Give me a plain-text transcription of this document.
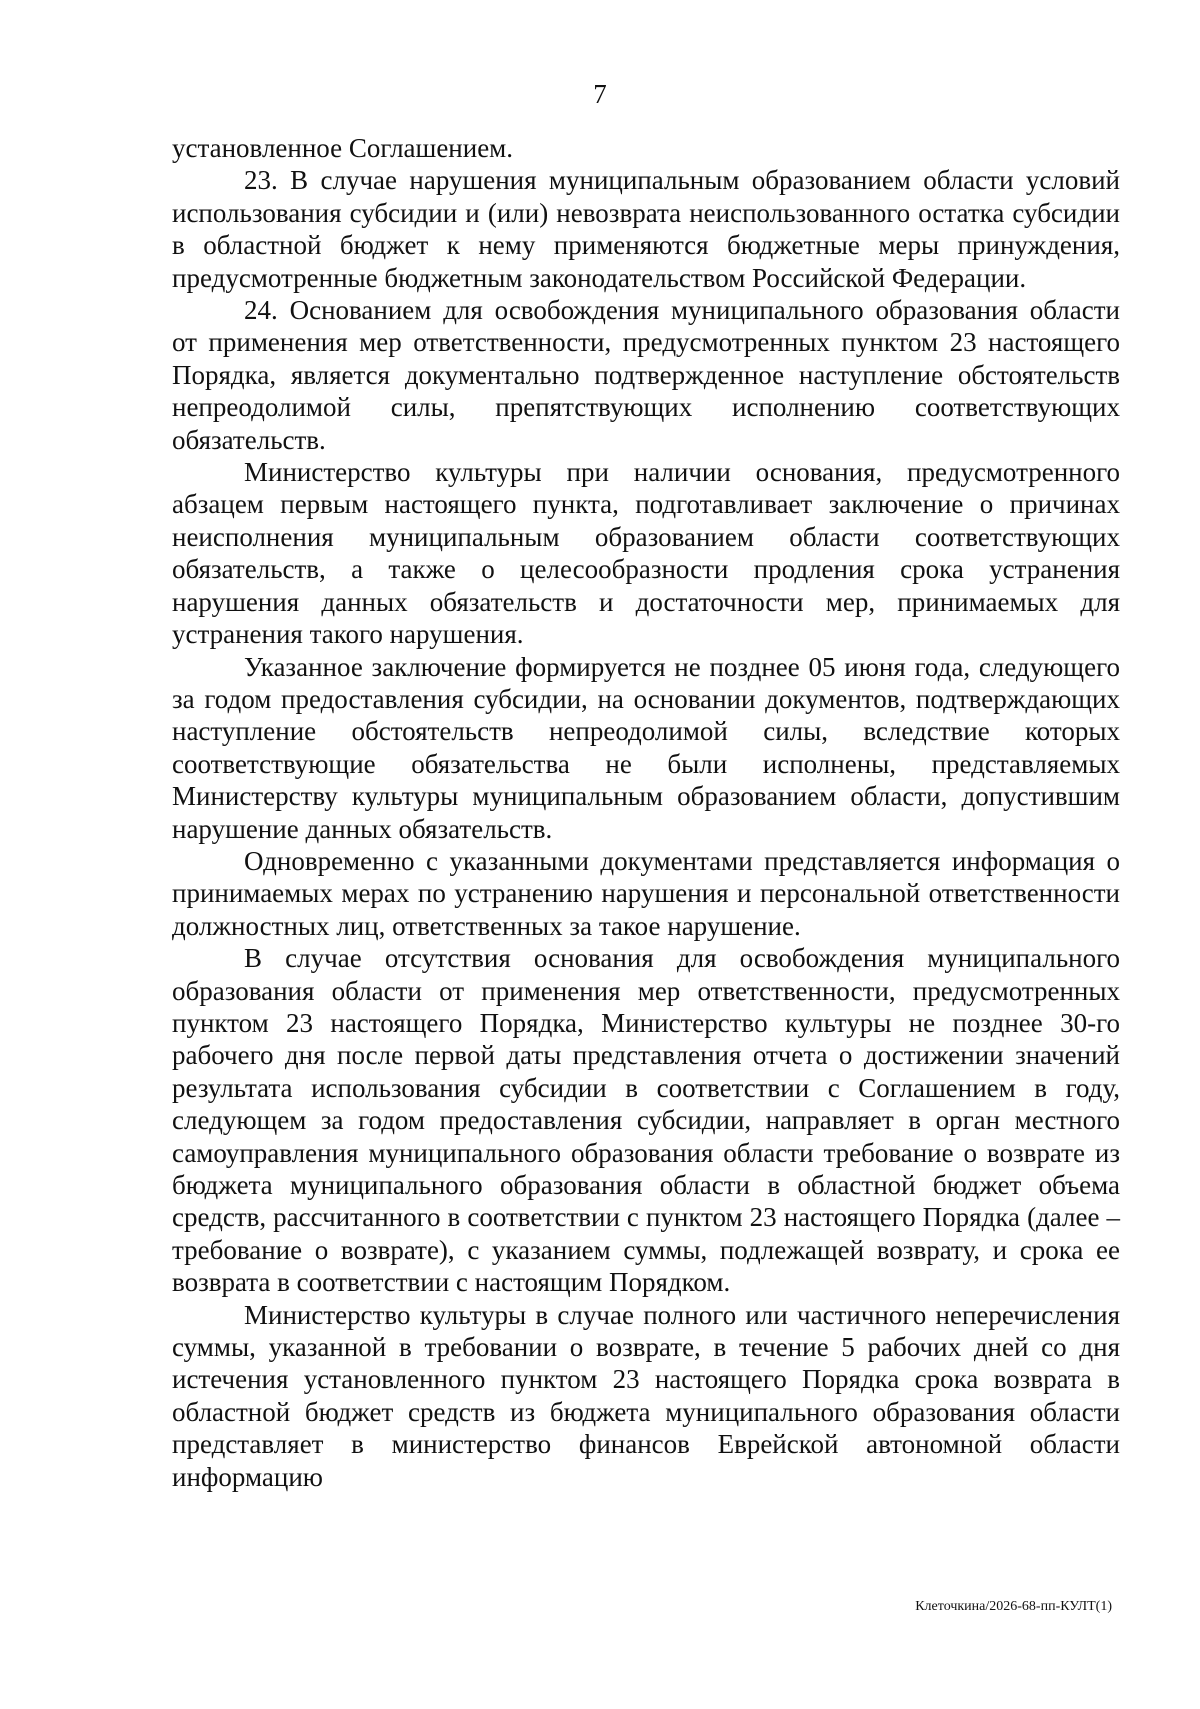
7

установленное Соглашением.

23. В случае нарушения муниципальным образованием области условий использования субсидии и (или) невозврата неиспользованного остатка субсидии в областной бюджет к нему применяются бюджетные меры принуждения, предусмотренные бюджетным законодательством Российской Федерации.

24. Основанием для освобождения муниципального образования области от применения мер ответственности, предусмотренных пунктом 23 настоящего Порядка, является документально подтвержденное наступление обстоятельств непреодолимой силы, препятствующих исполнению соответствующих обязательств.

Министерство культуры при наличии основания, предусмотренного абзацем первым настоящего пункта, подготавливает заключение о причинах неисполнения муниципальным образованием области соответствующих обязательств, а также о целесообразности продления срока устранения нарушения данных обязательств и достаточности мер, принимаемых для устранения такого нарушения.

Указанное заключение формируется не позднее 05 июня года, следующего за годом предоставления субсидии, на основании документов, подтверждающих наступление обстоятельств непреодолимой силы, вследствие которых соответствующие обязательства не были исполнены, представляемых Министерству культуры муниципальным образованием области, допустившим нарушение данных обязательств.

Одновременно с указанными документами представляется информация о принимаемых мерах по устранению нарушения и персональной ответственности должностных лиц, ответственных за такое нарушение.

В случае отсутствия основания для освобождения муниципального образования области от применения мер ответственности, предусмотренных пунктом 23 настоящего Порядка, Министерство культуры не позднее 30-го рабочего дня после первой даты представления отчета о достижении значений результата использования субсидии в соответствии с Соглашением в году, следующем за годом предоставления субсидии, направляет в орган местного самоуправления муниципального образования области требование о возврате из бюджета муниципального образования области в областной бюджет объема средств, рассчитанного в соответствии с пунктом 23 настоящего Порядка (далее – требование о возврате), с указанием суммы, подлежащей возврату, и срока ее возврата в соответствии с настоящим Порядком.

Министерство культуры в случае полного или частичного неперечисления суммы, указанной в требовании о возврате, в течение 5 рабочих дней со дня истечения установленного пунктом 23 настоящего Порядка срока возврата в областной бюджет средств из бюджета муниципального образования области представляет в министерство финансов Еврейской автономной области информацию

Клеточкина/2026-68-пп-КУЛТ(1)
